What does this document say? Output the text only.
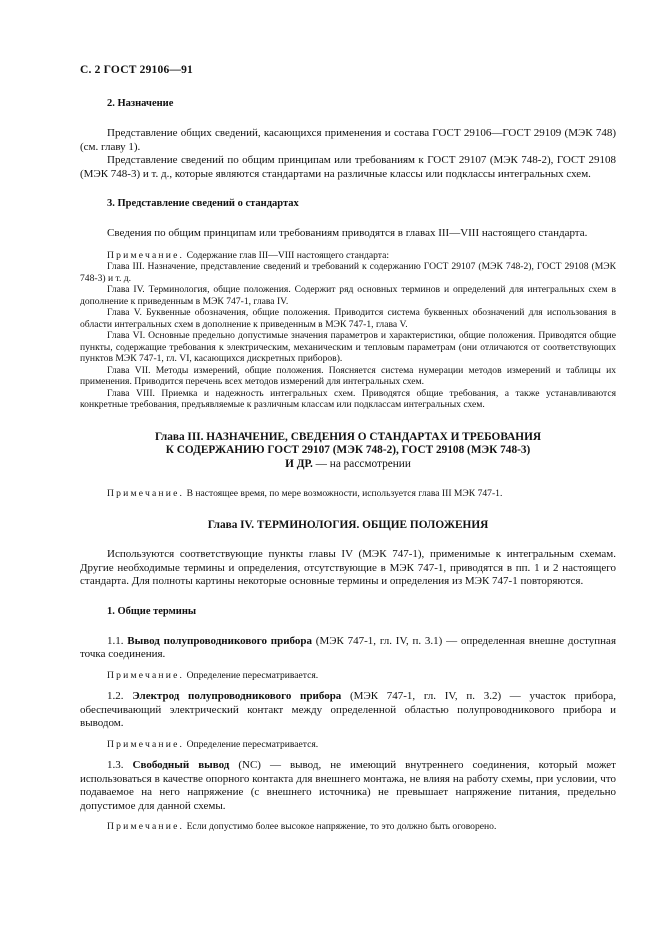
С. 2 ГОСТ 29106—91
2. Назначение

Представление общих сведений, касающихся применения и состава ГОСТ 29106—ГОСТ 29109 (МЭК 748) (см. главу 1).

Представление сведений по общим принципам или требованиям к ГОСТ 29107 (МЭК 748-2), ГОСТ 29108 (МЭК 748-3) и т. д., которые являются стандартами на различные классы или подклассы интегральных схем.

3. Представление сведений о стандартах

Сведения по общим принципам или требованиям приводятся в главах III—VIII настоящего стандарта.

Примечание. Содержание глав III—VIII настоящего стандарта:

Глава III. Назначение, представление сведений и требований к содержанию ГОСТ 29107 (МЭК 748-2), ГОСТ 29108 (МЭК 748-3) и т. д.

Глава IV. Терминология, общие положения. Содержит ряд основных терминов и определений для интегральных схем в дополнение к приведенным в МЭК 747-1, глава IV.

Глава V. Буквенные обозначения, общие положения. Приводится система буквенных обозначений для использования в области интегральных схем в дополнение к приведенным в МЭК 747-1, глава V.

Глава VI. Основные предельно допустимые значения параметров и характеристики, общие положения. Приводятся общие пункты, содержащие требования к электрическим, механическим и тепловым параметрам (они отличаются от соответствующих пунктов МЭК 747-1, гл. VI, касающихся дискретных приборов).

Глава VII. Методы измерений, общие положения. Поясняется система нумерации методов измерений и таблицы их применения. Приводится перечень всех методов измерений для интегральных схем.

Глава VIII. Приемка и надежность интегральных схем. Приводятся общие требования, а также устанавливаются конкретные требования, предъявляемые к различным классам или подклассам интегральных схем.

Глава III. НАЗНАЧЕНИЕ, СВЕДЕНИЯ О СТАНДАРТАХ И ТРЕБОВАНИЯ

К СОДЕРЖАНИЮ ГОСТ 29107 (МЭК 748-2), ГОСТ 29108 (МЭК 748-3)

И ДР. — на рассмотрении

Примечание. В настоящее время, по мере возможности, используется глава III МЭК 747-1.

Глава IV. ТЕРМИНОЛОГИЯ. ОБЩИЕ ПОЛОЖЕНИЯ

Используются соответствующие пункты главы IV (МЭК 747-1), применимые к интегральным схемам. Другие необходимые термины и определения, отсутствующие в МЭК 747-1, приводятся в пп. 1 и 2 настоящего стандарта. Для полноты картины некоторые основные термины и определения из МЭК 747-1 повторяются.

1. Общие термины

1.1. Вывод полупроводникового прибора (МЭК 747-1, гл. IV, п. 3.1) — определенная внешне доступная точка соединения.

Примечание. Определение пересматривается.

1.2. Электрод полупроводникового прибора (МЭК 747-1, гл. IV, п. 3.2) — участок прибора, обеспечивающий электрический контакт между определенной областью полупроводникового прибора и выводом.

Примечание. Определение пересматривается.

1.3. Свободный вывод (NC) — вывод, не имеющий внутреннего соединения, который может использоваться в качестве опорного контакта для внешнего монтажа, не влияя на работу схемы, при условии, что подаваемое на него напряжение (с внешнего источника) не превышает напряжение питания, предельно допустимое для данной схемы.

Примечание. Если допустимо более высокое напряжение, то это должно быть оговорено.
